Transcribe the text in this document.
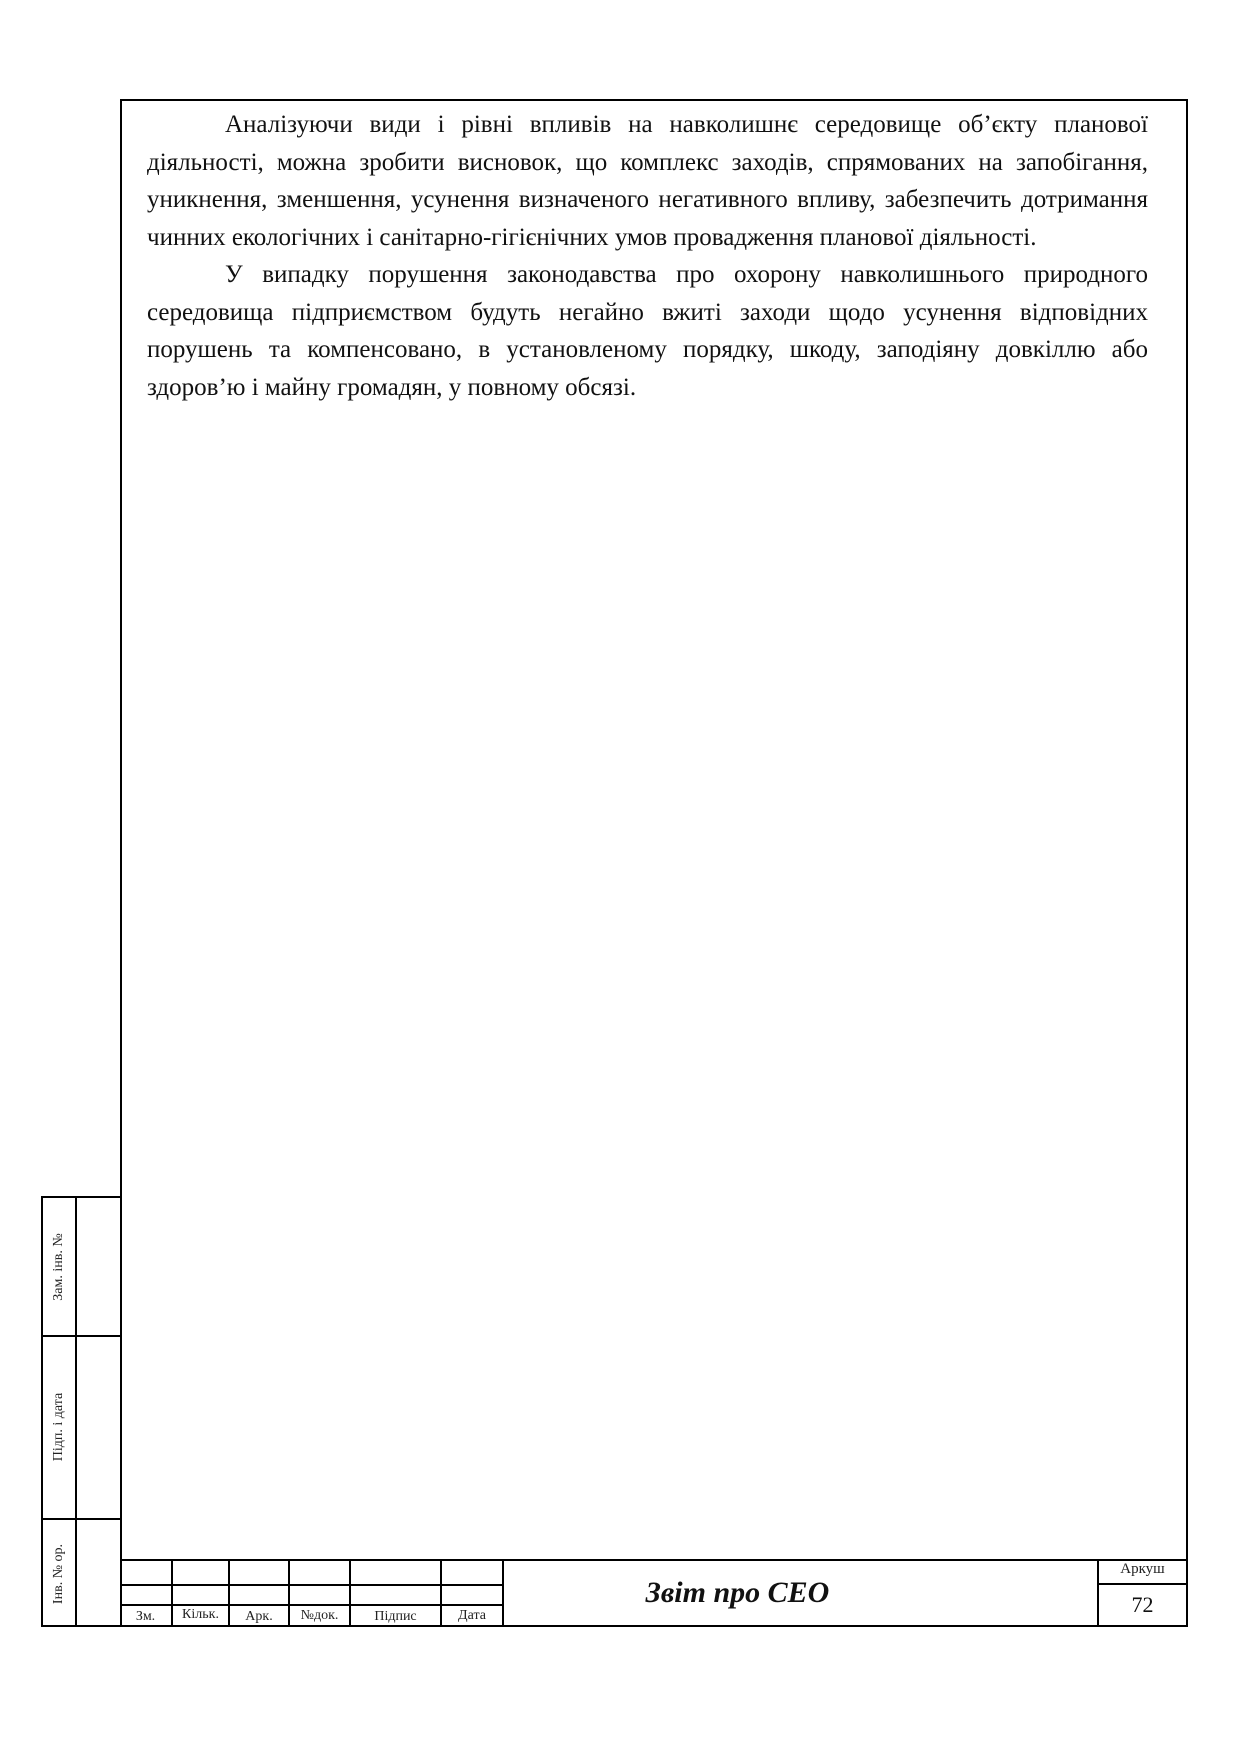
Аналізуючи види і рівні впливів на навколишнє середовище об’єкту планової діяльності, можна зробити висновок, що комплекс заходів, спрямованих на запобігання, уникнення, зменшення, усунення визначеного негативного впливу, забезпечить дотримання чинних екологічних і санітарно-гігієнічних умов провадження планової діяльності.

У випадку порушення законодавства про охорону навколишнього природного середовища підприємством будуть негайно вжиті заходи щодо усунення відповідних порушень та компенсовано, в установленому порядку, шкоду, заподіяну довкіллю або здоров’ю і майну громадян, у повному обсязі.

Зам. інв. №
Підп. і дата
Інв. № ор.
Зм.	Кільк.	Арк.	№док.	Підпис	Дата
Звіт про СЕО
Аркуш
72
